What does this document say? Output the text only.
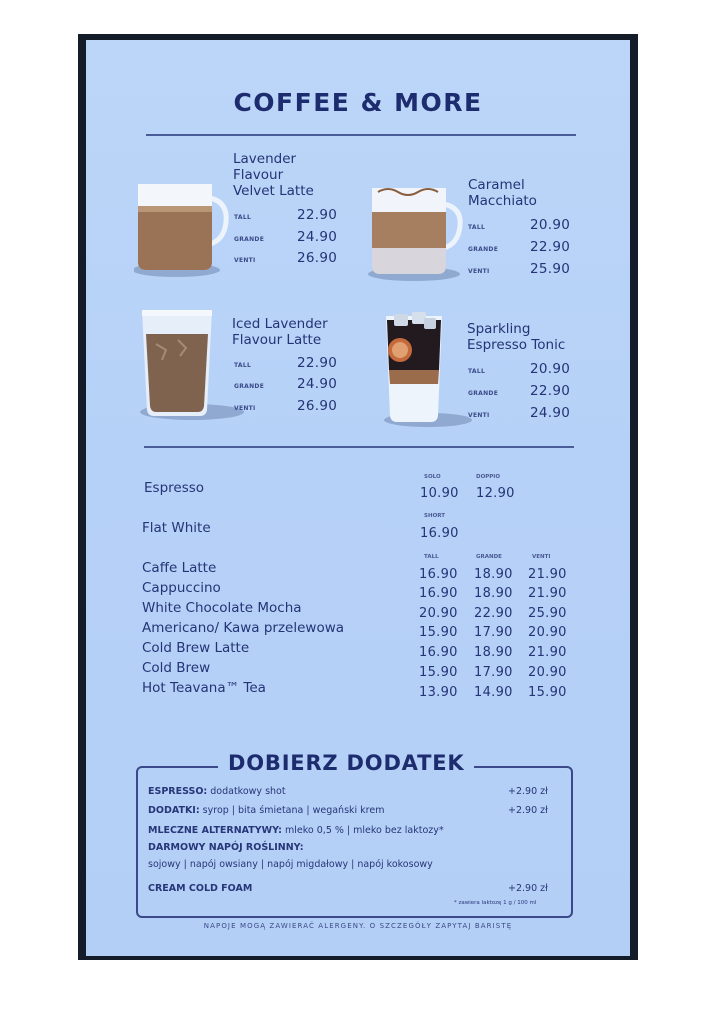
COFFEE & MORE
Lavender
Flavour
Velvet Latte
TALL	22.90
GRANDE 24.90
VENTI	26.90
Caramel
Macchiato
TALL	20.90
GRANDE 22.90
VENTI	25.90
Iced Lavender
Flavour Latte
TALL	22.90
GRANDE 24.90
VENTI	26.90
Sparkling
Espresso Tonic
TALL	20.90
GRANDE 22.90
VENTI	24.90
SOLO	DOPPIO
Espresso	10.90 12.90
SHORT
Flat White	16.90
TALL	GRANDE	VENTI
Caffe Latte	16.90 18.90 21.90
Cappuccino	16.90 18.90 21.90
White Chocolate Mocha	20.90 22.90 25.90
Americano/ Kawa przelewowa	15.90 17.90 20.90
Cold Brew Latte	16.90 18.90 21.90
Cold Brew	15.90 17.90 20.90
Hot Teavana™ Tea	13.90 14.90 15.90
DOBIERZ DODATEK
ESPRESSO: dodatkowy shot	+2.90 zł
DODATKI: syrop | bita śmietana | wegański krem	+2.90 zł
MLECZNE ALTERNATYWY: mleko 0,5 % | mleko bez laktozy*
DARMOWY NAPÓJ ROŚLINNY:
sojowy | napój owsiany | napój migdałowy | napój kokosowy
CREAM COLD FOAM	+2.90 zł
* zawiera laktozę 1 g / 100 ml
NAPOJE MOGĄ ZAWIERAĆ ALERGENY. O SZCZEGÓŁY ZAPYTAJ BARISTĘ
